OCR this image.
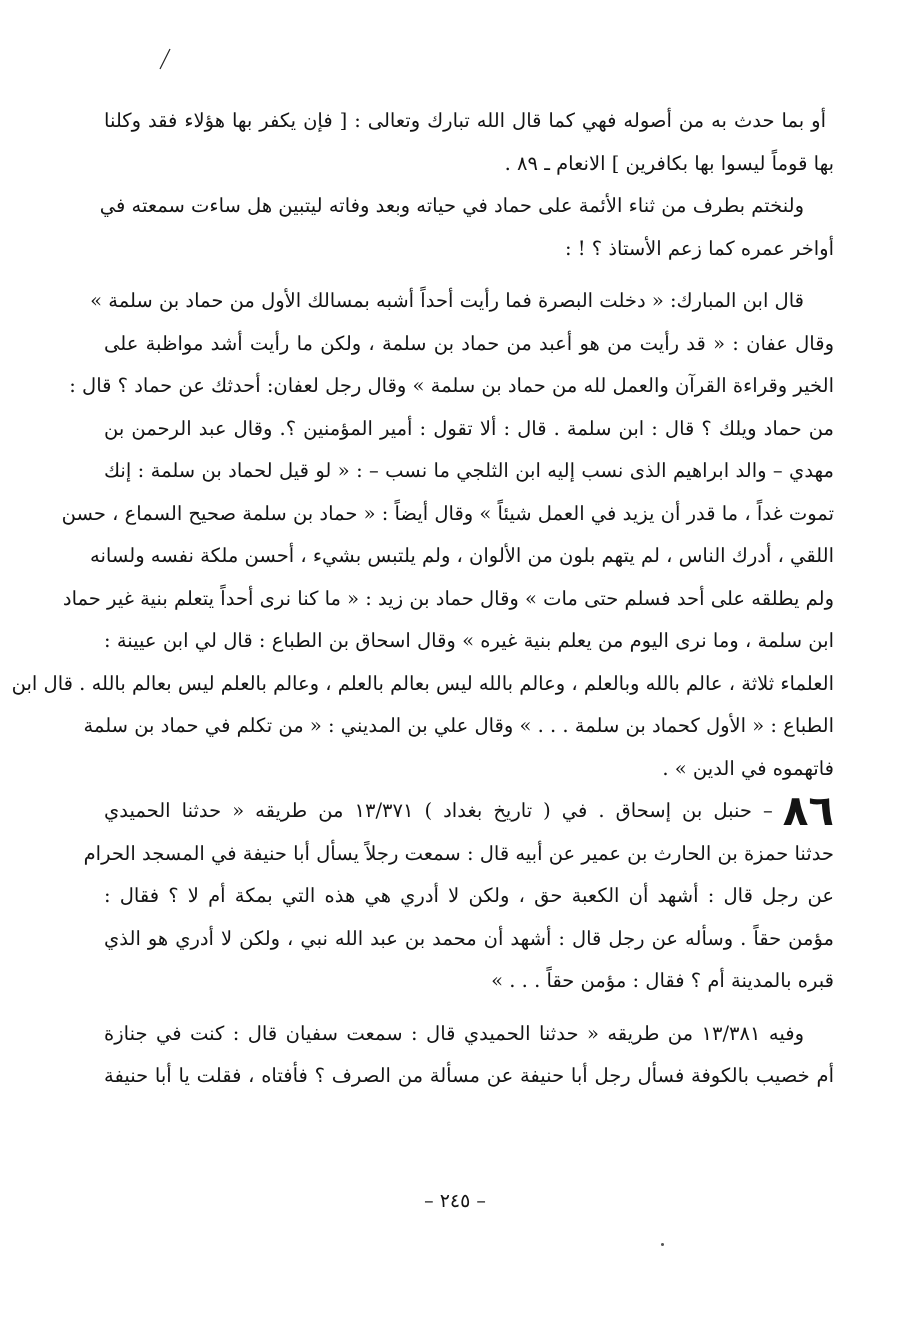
أو بما حدث به من أصوله فهي كما قال الله تبارك وتعالى : [ فإن يكفر بها هؤلاء فقد وكلنا
بها قوماً ليسوا بها بكافرين ] الانعام ـ ٨٩ .
ولنختم بطرف من ثناء الأئمة على حماد في حياته وبعد وفاته ليتبين هل ساءت سمعته في
أواخر عمره كما زعم الأستاذ ؟ ! :
قال ابن المبارك: « دخلت البصرة فما رأيت أحداً أشبه بمسالك الأول من حماد بن سلمة »
وقال عفان : « قد رأيت من هو أعبد من حماد بن سلمة ، ولكن ما رأيت أشد مواظبة على
الخير وقراءة القرآن والعمل لله من حماد بن سلمة » وقال رجل لعفان: أحدثك عن حماد ؟ قال :
من حماد ويلك ؟ قال : ابن سلمة . قال : ألا تقول : أمير المؤمنين ؟. وقال عبد الرحمن بن
مهدي – والد ابراهيم الذى نسب إليه ابن الثلجي ما نسب – : « لو قيل لحماد بن سلمة : إنك
تموت غداً ، ما قدر أن يزيد في العمل شيئاً » وقال أيضاً : « حماد بن سلمة صحيح السماع ، حسن
اللقي ، أدرك الناس ، لم يتهم بلون من الألوان ، ولم يلتبس بشيء ، أحسن ملكة نفسه ولسانه
ولم يطلقه على أحد فسلم حتى مات » وقال حماد بن زيد : « ما كنا نرى أحداً يتعلم بنية غير حماد
ابن سلمة ، وما نرى اليوم من يعلم بنية غيره » وقال اسحاق بن الطباع : قال لي ابن عيينة :
العلماء ثلاثة ، عالم بالله وبالعلم ، وعالم بالله ليس بعالم بالعلم ، وعالم بالعلم ليس بعالم بالله . قال ابن
الطباع : « الأول كحماد بن سلمة . . . » وقال علي بن المديني : « من تكلم في حماد بن سلمة
فاتهموه في الدين » .
٨٦
– حنبل بن إسحاق . في ( تاريخ بغداد ) ١٣/٣٧١ من طريقه « حدثنا الحميدي
حدثنا حمزة بن الحارث بن عمير عن أبيه قال : سمعت رجلاً يسأل أبا حنيفة في المسجد الحرام
عن رجل قال : أشهد أن الكعبة حق ، ولكن لا أدري هي هذه التي بمكة أم لا ؟ فقال :
مؤمن حقاً . وسأله عن رجل قال : أشهد أن محمد بن عبد الله نبي ، ولكن لا أدري هو الذي
قبره بالمدينة أم ؟ فقال : مؤمن حقاً . . . »
وفيه ١٣/٣٨١ من طريقه « حدثنا الحميدي قال : سمعت سفيان قال : كنت في جنازة
أم خصيب بالكوفة فسأل رجل أبا حنيفة عن مسألة من الصرف ؟ فأفتاه ، فقلت يا أبا حنيفة
– ٢٤٥ –
